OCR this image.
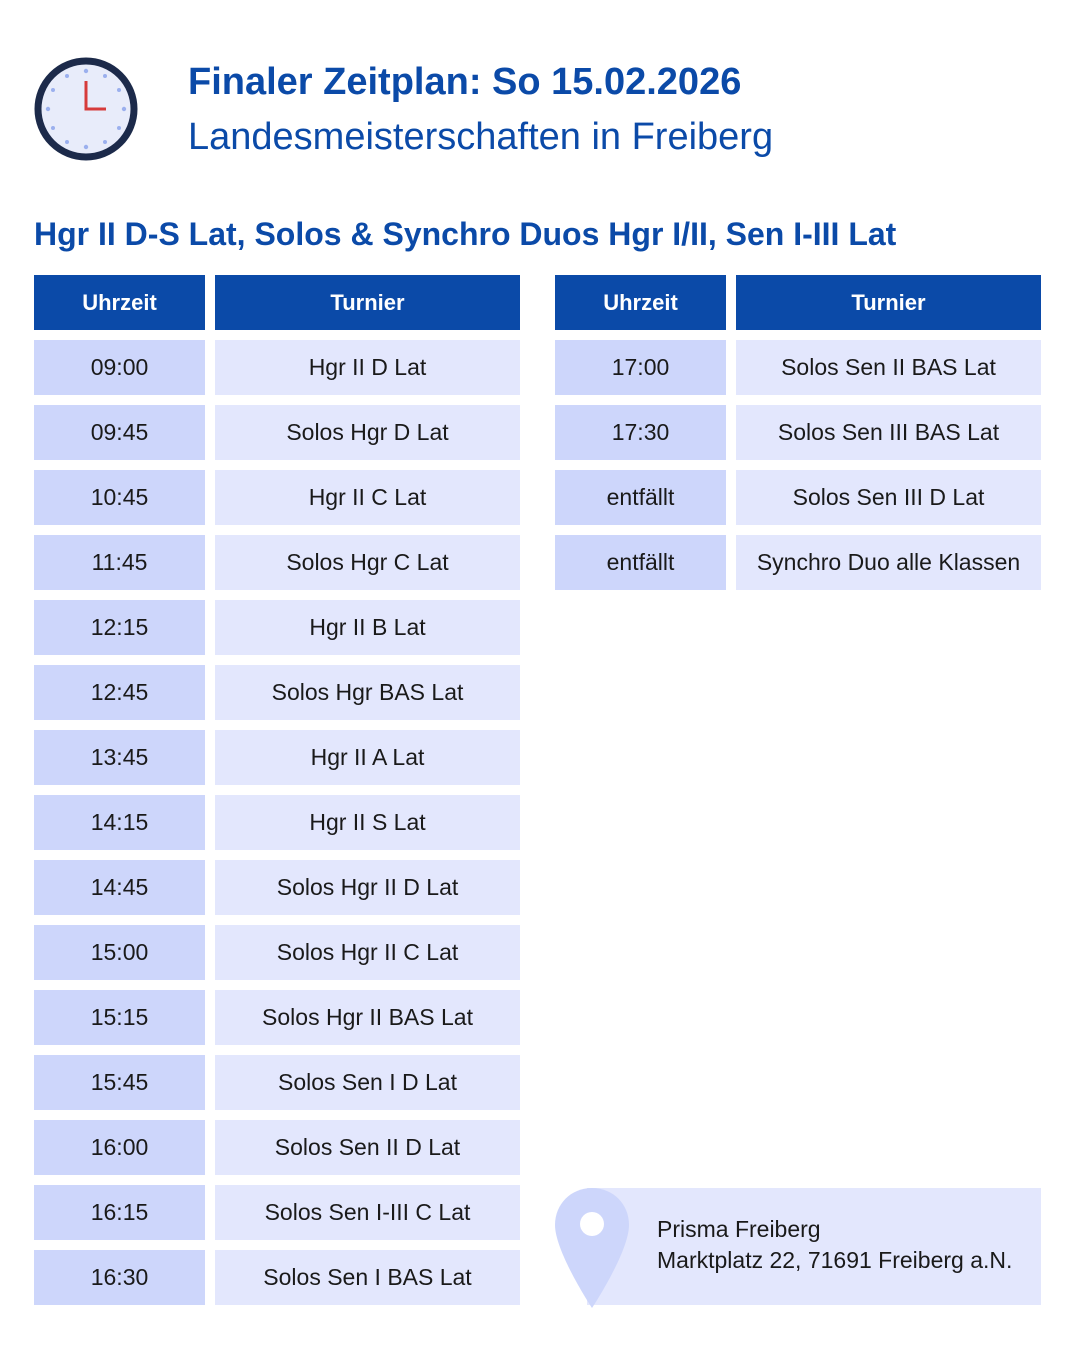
Finaler Zeitplan: So 15.02.2026
Landesmeisterschaften in Freiberg
Hgr II D-S Lat, Solos & Synchro Duos Hgr I/II, Sen I-III Lat
Uhrzeit	Turnier
09:00	Hgr II D Lat
09:45	Solos Hgr D Lat
10:45	Hgr II C Lat
11:45	Solos Hgr C Lat
12:15	Hgr II B Lat
12:45	Solos Hgr BAS Lat
13:45	Hgr II A Lat
14:15	Hgr II S Lat
14:45	Solos Hgr II D Lat
15:00	Solos Hgr II C Lat
15:15	Solos Hgr II BAS Lat
15:45	Solos Sen I D Lat
16:00	Solos Sen II D Lat
16:15	Solos Sen I-III C Lat
16:30	Solos Sen I BAS Lat
Uhrzeit	Turnier
17:00	Solos Sen II BAS Lat
17:30	Solos Sen III BAS Lat
entfällt	Solos Sen III D Lat
entfällt	Synchro Duo alle Klassen
Prisma Freiberg
Marktplatz 22, 71691 Freiberg a.N.
